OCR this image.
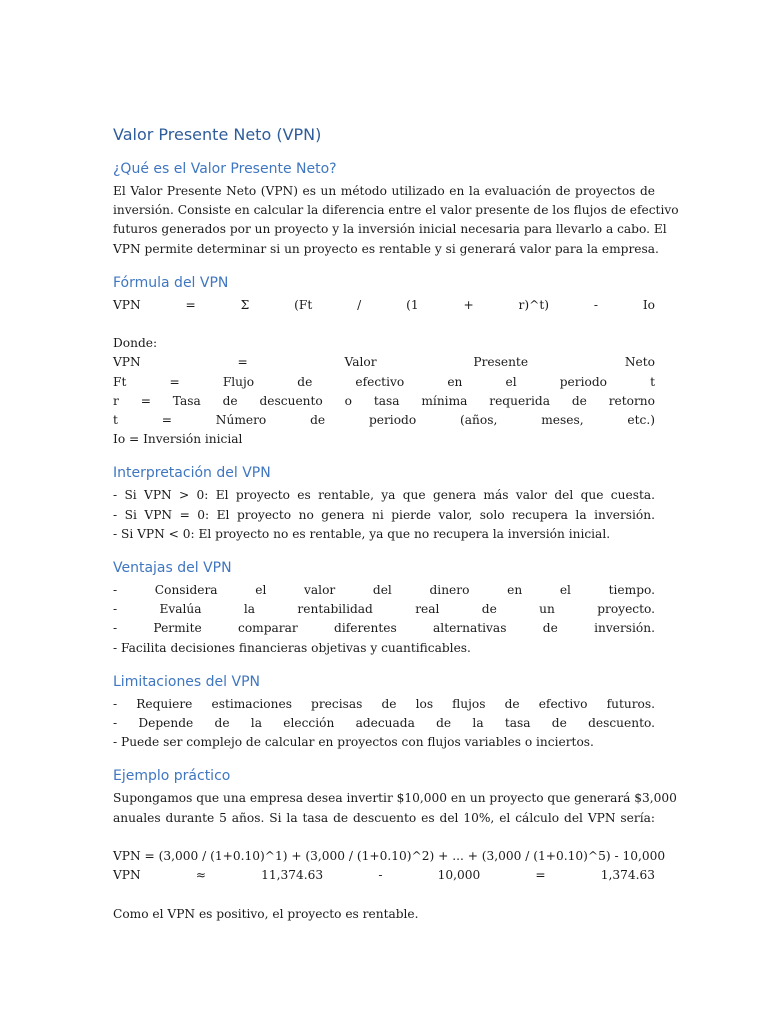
Valor Presente Neto (VPN)
¿Qué es el Valor Presente Neto?
El Valor Presente Neto (VPN) es un método utilizado en la evaluación de proyectos de
inversión. Consiste en calcular la diferencia entre el valor presente de los flujos de efectivo
futuros generados por un proyecto y la inversión inicial necesaria para llevarlo a cabo. El
VPN permite determinar si un proyecto es rentable y si generará valor para la empresa.
Fórmula del VPN
VPN = Σ (Ft / (1 + r)^t) - Io
Donde:
VPN = Valor Presente Neto
Ft = Flujo de efectivo en el periodo t
r = Tasa de descuento o tasa mínima requerida de retorno
t = Número de periodo (años, meses, etc.)
Io = Inversión inicial
Interpretación del VPN
- Si VPN > 0: El proyecto es rentable, ya que genera más valor del que cuesta.
- Si VPN = 0: El proyecto no genera ni pierde valor, solo recupera la inversión.
- Si VPN < 0: El proyecto no es rentable, ya que no recupera la inversión inicial.
Ventajas del VPN
- Considera el valor del dinero en el tiempo.
- Evalúa la rentabilidad real de un proyecto.
- Permite comparar diferentes alternativas de inversión.
- Facilita decisiones financieras objetivas y cuantificables.
Limitaciones del VPN
- Requiere estimaciones precisas de los flujos de efectivo futuros.
- Depende de la elección adecuada de la tasa de descuento.
- Puede ser complejo de calcular en proyectos con flujos variables o inciertos.
Ejemplo práctico
Supongamos que una empresa desea invertir $10,000 en un proyecto que generará $3,000
anuales durante 5 años. Si la tasa de descuento es del 10%, el cálculo del VPN sería:
VPN = (3,000 / (1+0.10)^1) + (3,000 / (1+0.10)^2) + ... + (3,000 / (1+0.10)^5) - 10,000
VPN ≈ 11,374.63 - 10,000 = 1,374.63
Como el VPN es positivo, el proyecto es rentable.
